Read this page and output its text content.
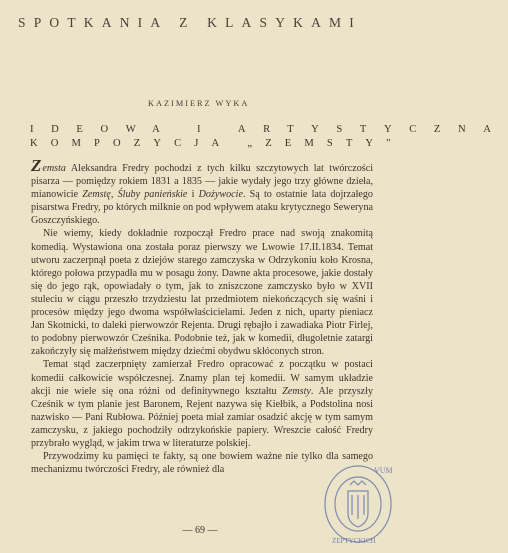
SPOTKANIA Z KLASYKAMI
KAZIMIERZ WYKA
IDEOWA I ARTYSTYCZNA
KOMPOZYCJA „ZEMSTY"

Zemsta Aleksandra Fredry pochodzi z tych kilku szczytowych lat twórczości pisarza — pomiędzy rokiem 1831 a 1835 — jakie wydały jego trzy główne dzieła, mianowicie Zemstę, Śluby panieńskie i Dożywocie. Są to ostatnie lata dojrzałego pisarstwa Fredry, po których milknie on pod wpływem ataku krytycznego Seweryna Goszczyńskiego.

Nie wiemy, kiedy dokładnie rozpoczął Fredro prace nad swoją znakomitą komedią. Wystawiona ona została poraz pierwszy we Lwowie 17.II.1834. Temat utworu zaczerpnął poeta z dziejów starego zamczyska w Odrzykoniu koło Krosna, którego połowa przypadła mu w posagu żony. Dawne akta procesowe, jakie dostały się do jego rąk, opowiadały o tym, jak to zniszczone zamczysko było w XVII stuleciu w ciągu przeszło trzydziestu lat przedmiotem niekończących się waśni i procesów między jego dwoma współwłaścicielami. Jeden z nich, uparty pieniacz Jan Skotnicki, to daleki pierwowzór Rejenta. Drugi rębajło i zawadiaka Piotr Firlej, to podobny pierwowzór Cześnika. Podobnie też, jak w komedii, długoletnie zatargi zakończyły się małżeństwem między dziećmi obydwu skłóconych stron.

Temat stąd zaczerpnięty zamierzał Fredro opracować z początku w postaci komedii całkowicie współczesnej. Znamy plan tej komedii. W samym układzie akcji nie wiele się ona różni od definitywnego kształtu Zemsty. Ale przyszły Cześnik w tym planie jest Baronem, Rejent nazywa się Kiełbik, a Podstolina nosi nazwisko — Pani Rubłowa. Później poeta miał zamiar osadzić akcję w tym samym zamczysku, z jakiego pochodziły odrzykońskie papiery. Wreszcie całość Fredry przybrało wygląd, w jakim trwa w literaturze polskiej.

Przywodzimy ku pamięci te fakty, są one bowiem ważne nie tylko dla samego mechanizmu twórczości Fredry, ale również dla

— 69 —
VUM
ŻEPTYCKICH
